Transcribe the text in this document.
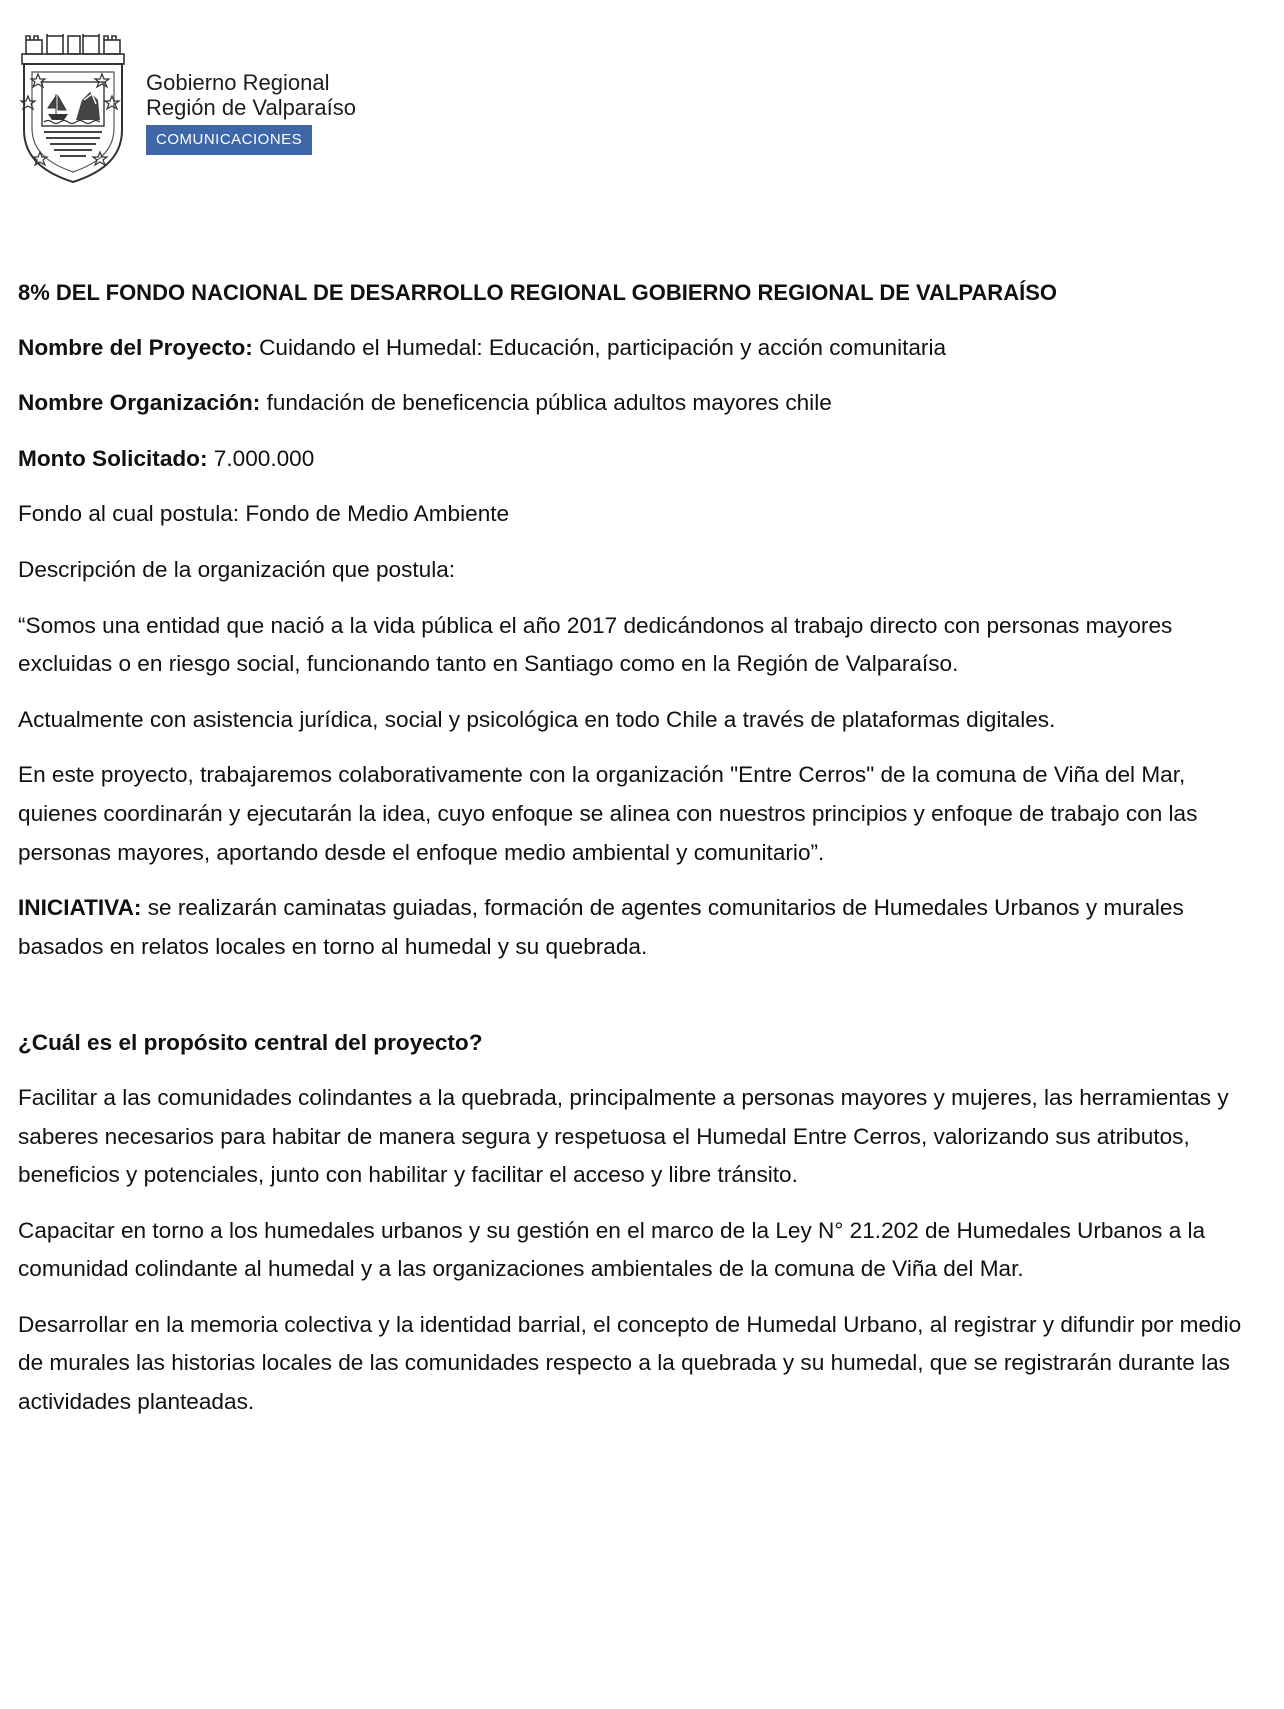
Gobierno Regional
Región de Valparaíso
COMUNICACIONES

8% DEL FONDO NACIONAL DE DESARROLLO REGIONAL GOBIERNO REGIONAL DE VALPARAÍSO

Nombre del Proyecto: Cuidando el Humedal: Educación, participación y acción comunitaria

Nombre Organización: fundación de beneficencia pública adultos mayores chile

Monto Solicitado: 7.000.000

Fondo al cual postula: Fondo de Medio Ambiente

Descripción de la organización que postula:

“Somos una entidad que nació a la vida pública el año 2017 dedicándonos al trabajo directo con personas mayores excluidas o en riesgo social, funcionando tanto en Santiago como en la Región de Valparaíso.

Actualmente con asistencia jurídica, social y psicológica en todo Chile a través de plataformas digitales.

En este proyecto, trabajaremos colaborativamente con la organización "Entre Cerros" de la comuna de Viña del Mar, quienes coordinarán y ejecutarán la idea, cuyo enfoque se alinea con nuestros principios y enfoque de trabajo con las personas mayores, aportando desde el enfoque medio ambiental y comunitario”.

INICIATIVA: se realizarán caminatas guiadas, formación de agentes comunitarios de Humedales Urbanos y murales basados en relatos locales en torno al humedal y su quebrada.

¿Cuál es el propósito central del proyecto?

Facilitar a las comunidades colindantes a la quebrada, principalmente a personas mayores y mujeres, las herramientas y saberes necesarios para habitar de manera segura y respetuosa el Humedal Entre Cerros, valorizando sus atributos, beneficios y potenciales, junto con habilitar y facilitar el acceso y libre tránsito.

Capacitar en torno a los humedales urbanos y su gestión en el marco de la Ley N° 21.202 de Humedales Urbanos a la comunidad colindante al humedal y a las organizaciones ambientales de la comuna de Viña del Mar.

Desarrollar en la memoria colectiva y la identidad barrial, el concepto de Humedal Urbano, al registrar y difundir por medio de murales las historias locales de las comunidades respecto a la quebrada y su humedal, que se registrarán durante las actividades planteadas.
